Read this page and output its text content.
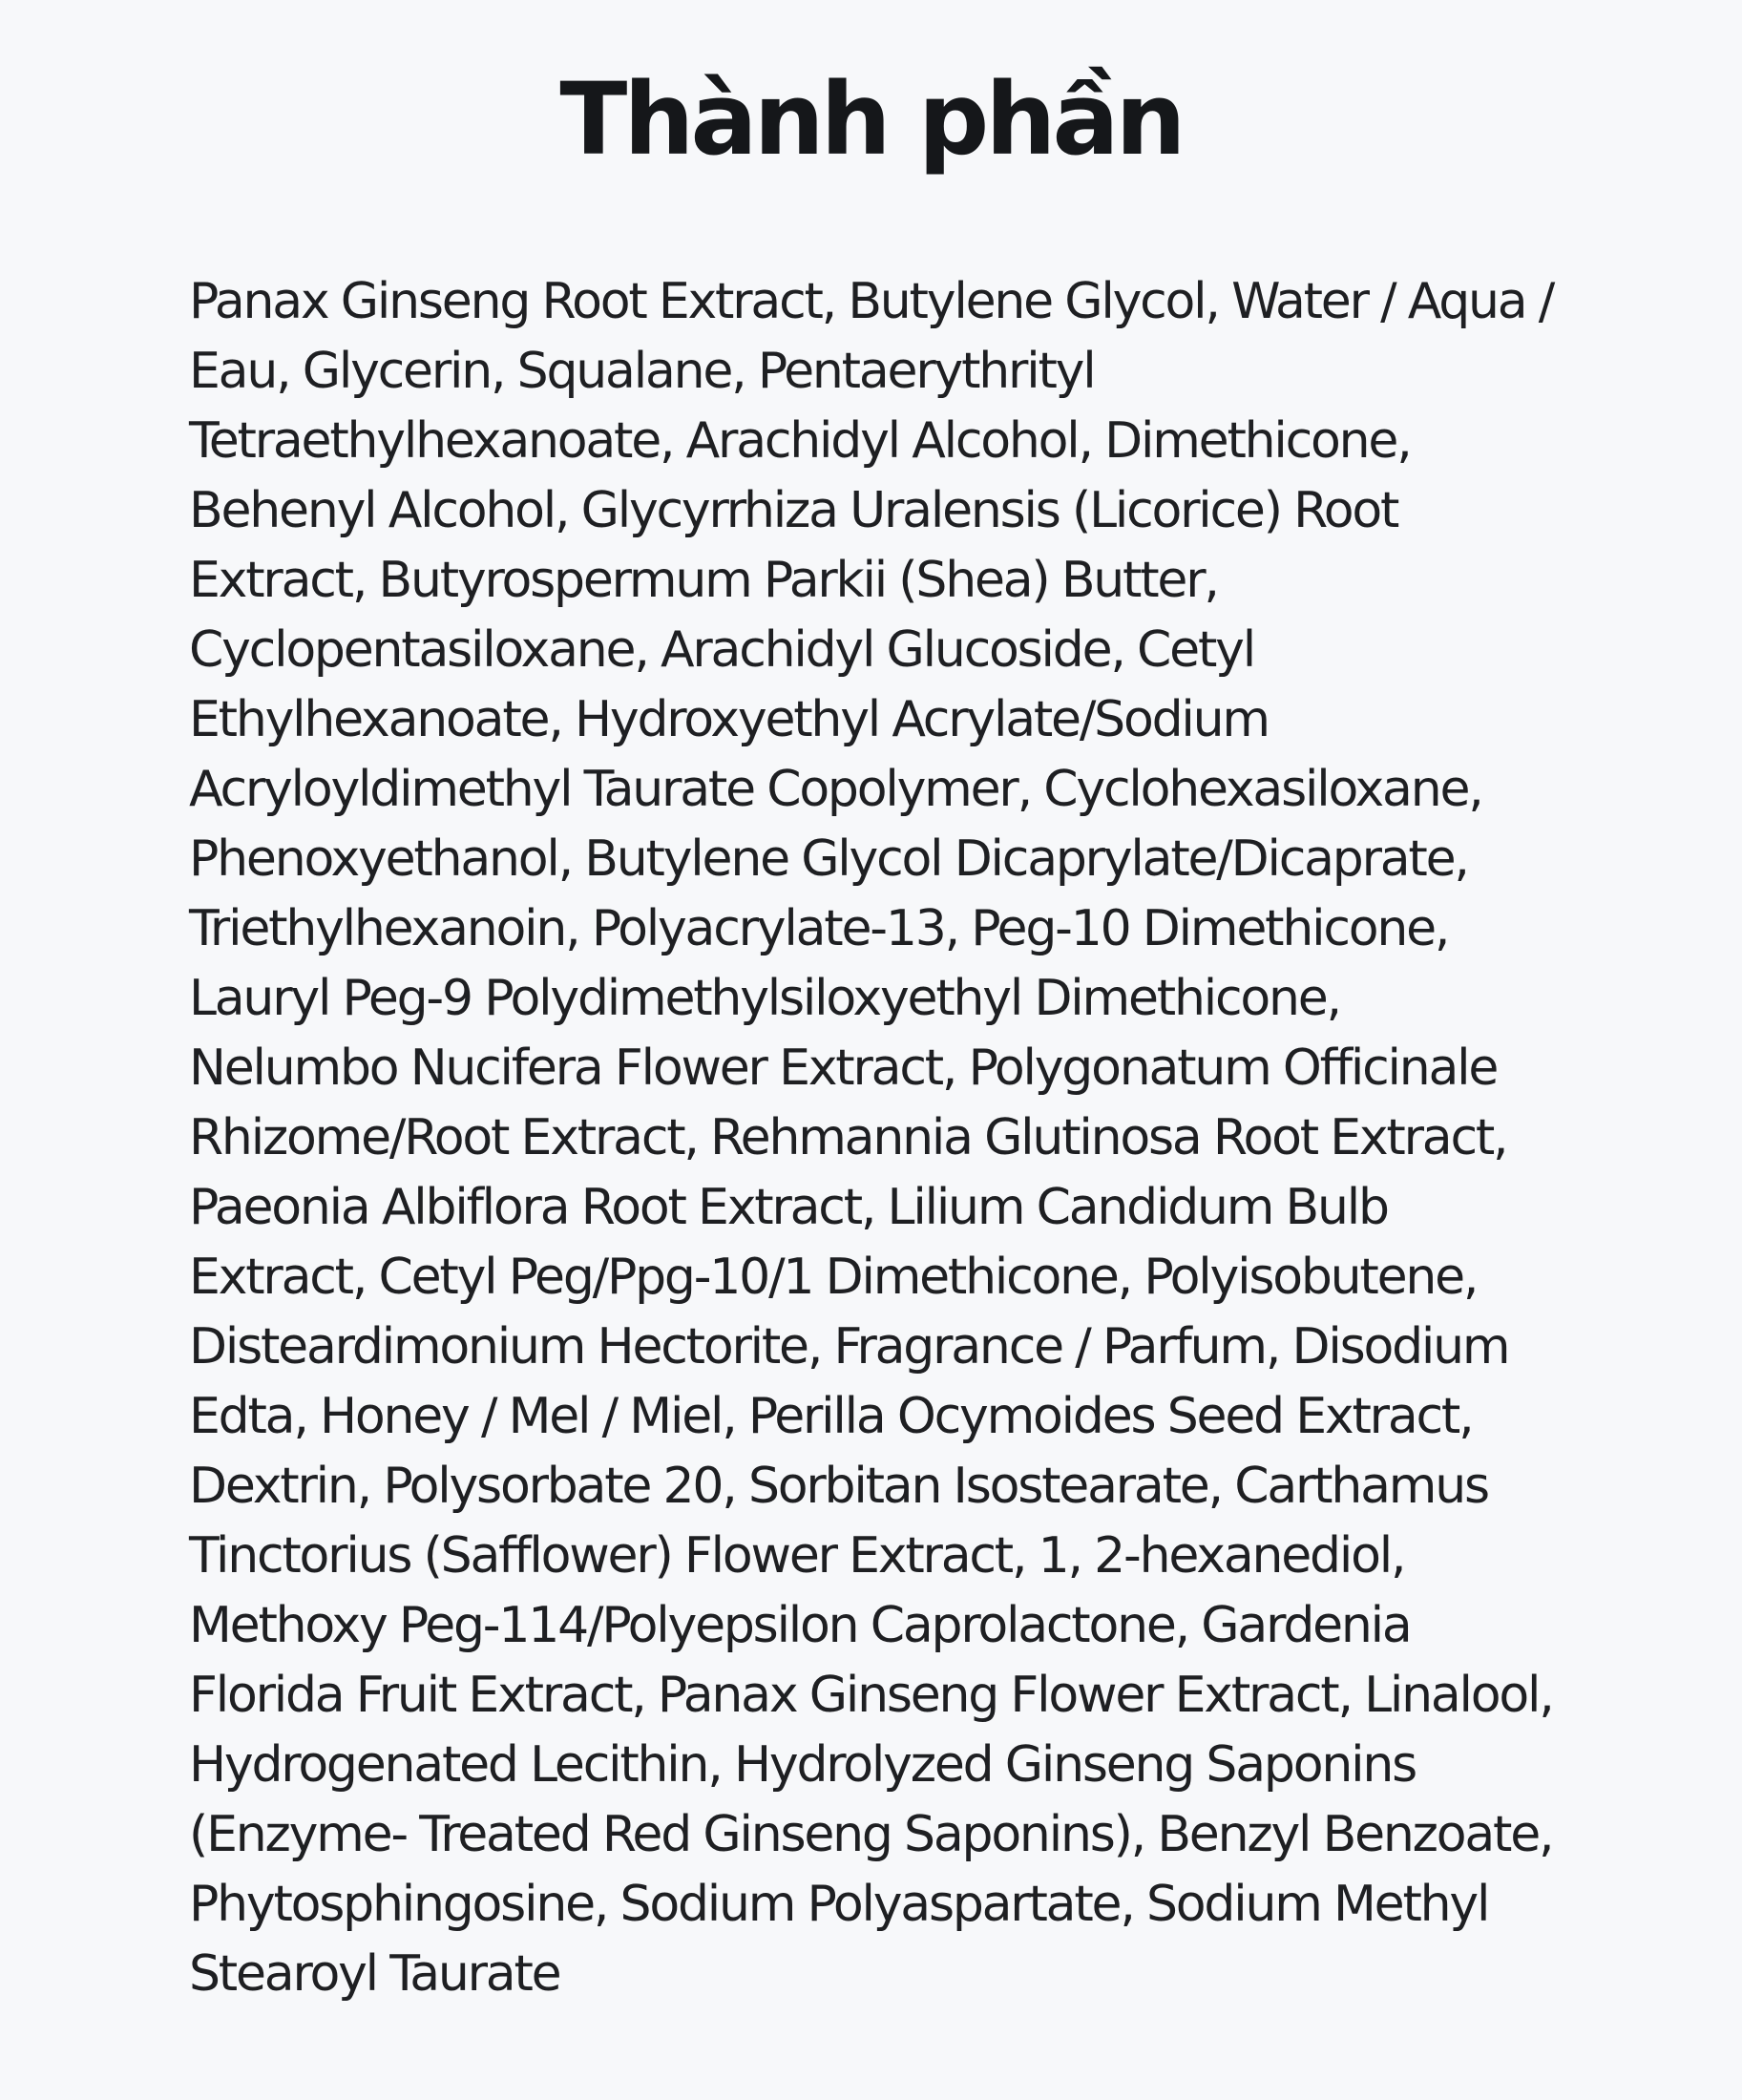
Thành phần

Panax Ginseng Root Extract, Butylene Glycol, Water / Aqua /
Eau, Glycerin, Squalane, Pentaerythrityl
Tetraethylhexanoate, Arachidyl Alcohol, Dimethicone,
Behenyl Alcohol, Glycyrrhiza Uralensis (Licorice) Root
Extract, Butyrospermum Parkii (Shea) Butter,
Cyclopentasiloxane, Arachidyl Glucoside, Cetyl
Ethylhexanoate, Hydroxyethyl Acrylate/Sodium
Acryloyldimethyl Taurate Copolymer, Cyclohexasiloxane,
Phenoxyethanol, Butylene Glycol Dicaprylate/Dicaprate,
Triethylhexanoin, Polyacrylate-13, Peg-10 Dimethicone,
Lauryl Peg-9 Polydimethylsiloxyethyl Dimethicone,
Nelumbo Nucifera Flower Extract, Polygonatum Officinale
Rhizome/Root Extract, Rehmannia Glutinosa Root Extract,
Paeonia Albiflora Root Extract, Lilium Candidum Bulb
Extract, Cetyl Peg/Ppg-10/1 Dimethicone, Polyisobutene,
Disteardimonium Hectorite, Fragrance / Parfum, Disodium
Edta, Honey / Mel / Miel, Perilla Ocymoides Seed Extract,
Dextrin, Polysorbate 20, Sorbitan Isostearate, Carthamus
Tinctorius (Safflower) Flower Extract, 1, 2-hexanediol,
Methoxy Peg-114/Polyepsilon Caprolactone, Gardenia
Florida Fruit Extract, Panax Ginseng Flower Extract, Linalool,
Hydrogenated Lecithin, Hydrolyzed Ginseng Saponins
(Enzyme- Treated Red Ginseng Saponins), Benzyl Benzoate,
Phytosphingosine, Sodium Polyaspartate, Sodium Methyl
Stearoyl Taurate
